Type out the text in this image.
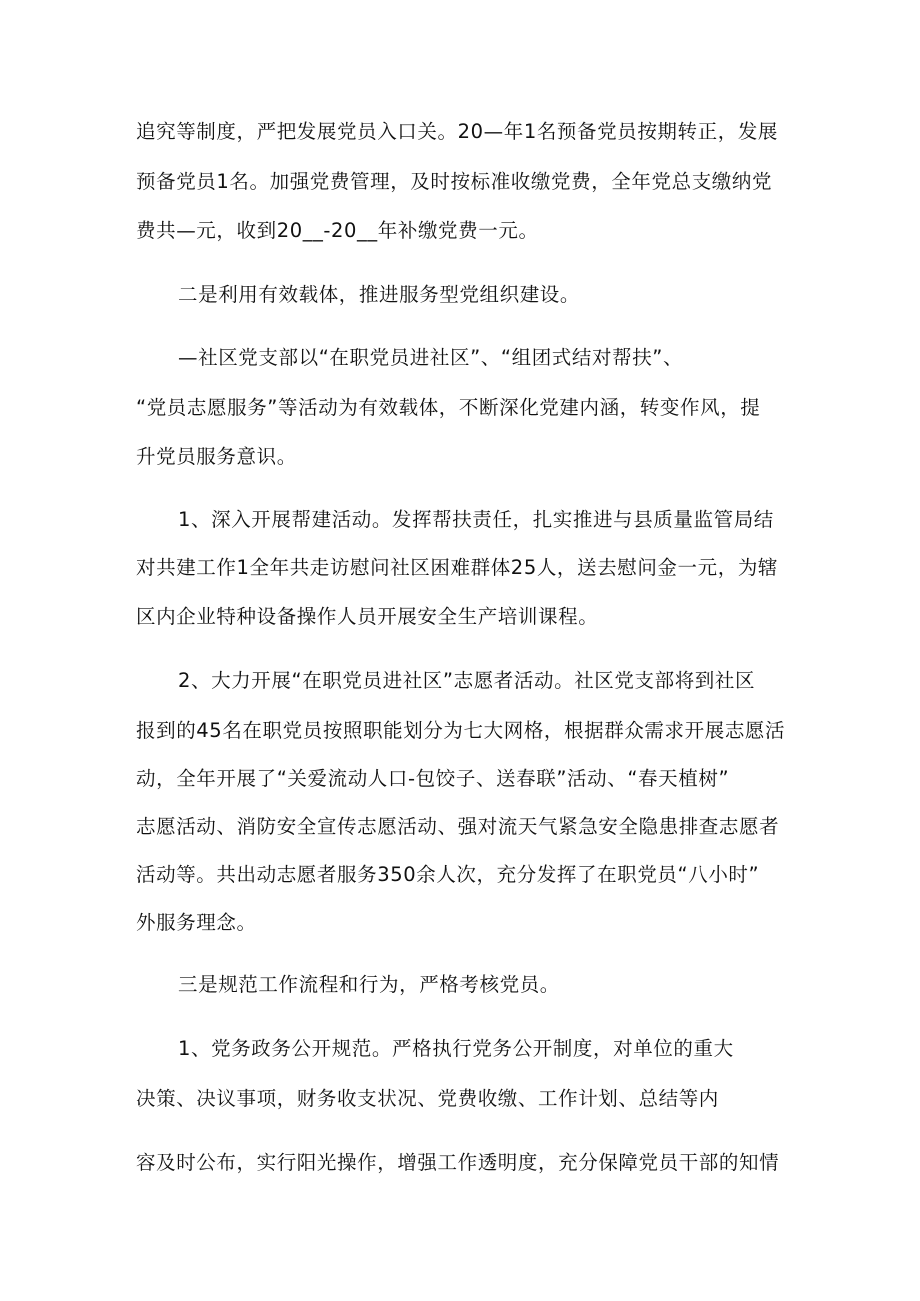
追究等制度，严把发展党员入口关。20—年1名预备党员按期转正，发展
预备党员1名。加强党费管理，及时按标准收缴党费，全年党总支缴纳党
费共—元，收到20__-20__年补缴党费一元。
二是利用有效载体，推进服务型党组织建设。
—社区党支部以“在职党员进社区”、“组团式结对帮扶”、
“党员志愿服务”等活动为有效载体，不断深化党建内涵，转变作风，提
升党员服务意识。
1、深入开展帮建活动。发挥帮扶责任，扎实推进与县质量监管局结
对共建工作1全年共走访慰问社区困难群体25人，送去慰问金一元，为辖
区内企业特种设备操作人员开展安全生产培训课程。
2、大力开展“在职党员进社区”志愿者活动。社区党支部将到社区
报到的45名在职党员按照职能划分为七大网格，根据群众需求开展志愿活
动，全年开展了“关爱流动人口-包饺子、送春联”活动、“春天植树”
志愿活动、消防安全宣传志愿活动、强对流天气紧急安全隐患排查志愿者
活动等。共出动志愿者服务350余人次，充分发挥了在职党员“八小时”
外服务理念。
三是规范工作流程和行为，严格考核党员。
1、党务政务公开规范。严格执行党务公开制度，对单位的重大
决策、决议事项，财务收支状况、党费收缴、工作计划、总结等内
容及时公布，实行阳光操作，增强工作透明度，充分保障党员干部的知情
